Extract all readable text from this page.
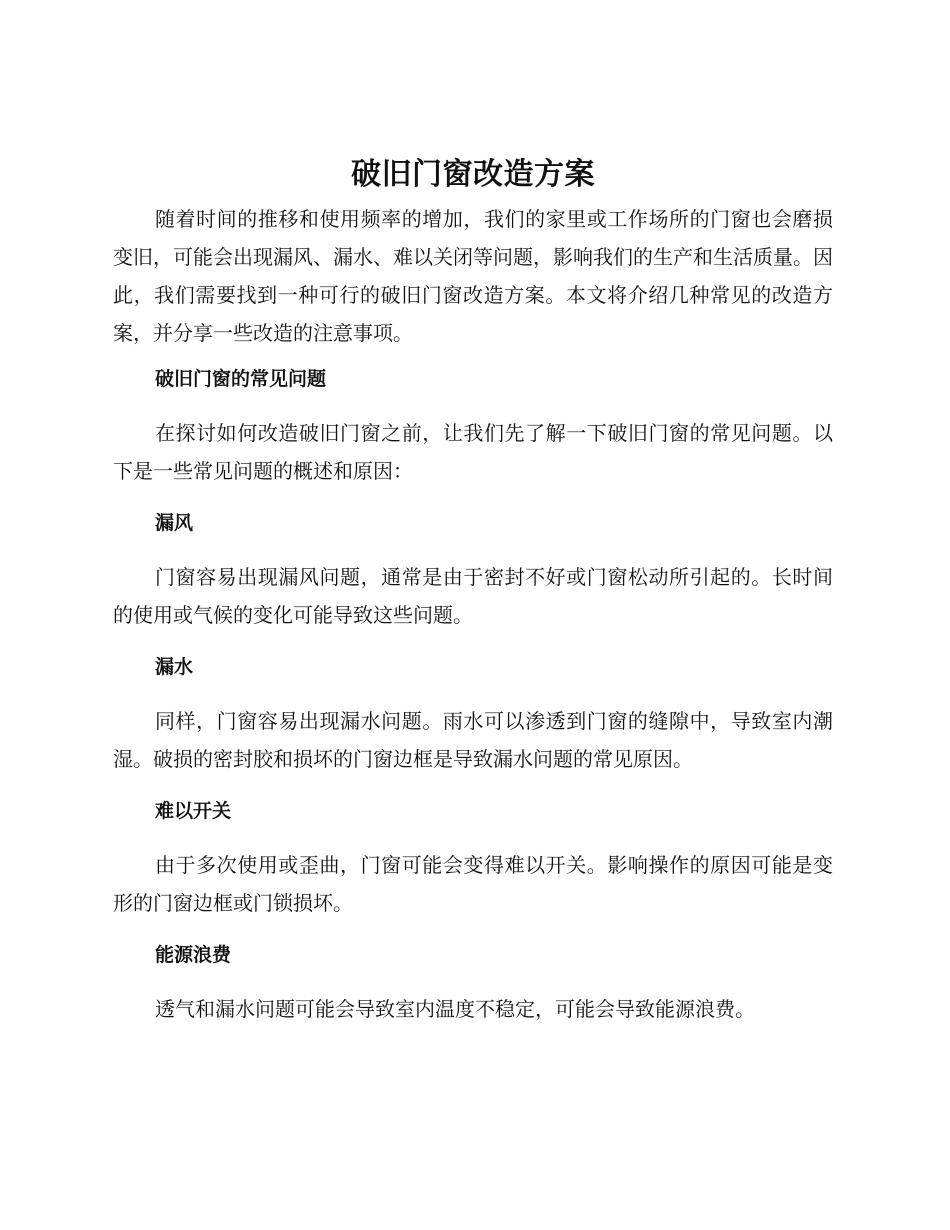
破旧门窗改造方案

随着时间的推移和使用频率的增加，我们的家里或工作场所的门窗也会磨损变旧，可能会出现漏风、漏水、难以关闭等问题，影响我们的生产和生活质量。因此，我们需要找到一种可行的破旧门窗改造方案。本文将介绍几种常见的改造方案，并分享一些改造的注意事项。

破旧门窗的常见问题

在探讨如何改造破旧门窗之前，让我们先了解一下破旧门窗的常见问题。以下是一些常见问题的概述和原因：

漏风

门窗容易出现漏风问题，通常是由于密封不好或门窗松动所引起的。长时间的使用或气候的变化可能导致这些问题。

漏水

同样，门窗容易出现漏水问题。雨水可以渗透到门窗的缝隙中，导致室内潮湿。破损的密封胶和损坏的门窗边框是导致漏水问题的常见原因。

难以开关

由于多次使用或歪曲，门窗可能会变得难以开关。影响操作的原因可能是变形的门窗边框或门锁损坏。

能源浪费

透气和漏水问题可能会导致室内温度不稳定，可能会导致能源浪费。
